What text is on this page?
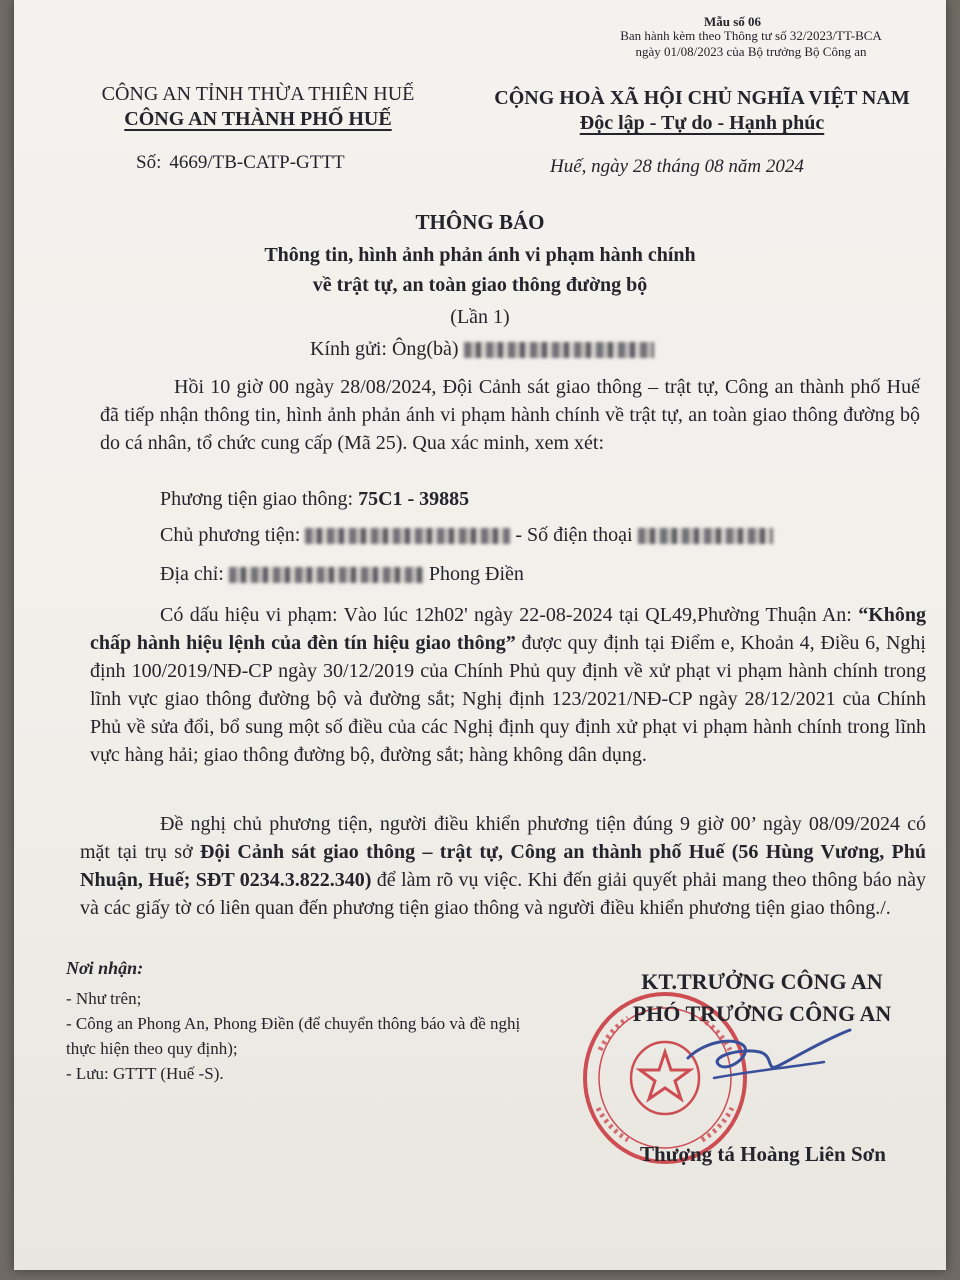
Mẫu số 06

Ban hành kèm theo Thông tư số 32/2023/TT-BCA
ngày 01/08/2023 của Bộ trưởng Bộ Công an
CÔNG AN TỈNH THỪA THIÊN HUẾ
CÔNG AN THÀNH PHỐ HUẾ
CỘNG HOÀ XÃ HỘI CHỦ NGHĨA VIỆT NAM
Độc lập - Tự do - Hạnh phúc

Số: 4669/TB-CATP-GTTT	Huế, ngày 28 tháng 08 năm 2024

THÔNG BÁO

Thông tin, hình ảnh phản ánh vi phạm hành chính
về trật tự, an toàn giao thông đường bộ

(Lần 1)

Kính gửi: Ông(bà)

Hồi 10 giờ 00 ngày 28/08/2024, Đội Cảnh sát giao thông – trật tự, Công an thành phố Huế đã tiếp nhận thông tin, hình ảnh phản ánh vi phạm hành chính về trật tự, an toàn giao thông đường bộ do cá nhân, tổ chức cung cấp (Mã 25). Qua xác minh, xem xét:

Phương tiện giao thông: 75C1 - 39885

Chủ phương tiện:	- Số điện thoại

Địa chỉ:	Phong Điền

Có dấu hiệu vi phạm: Vào lúc 12h02' ngày 22-08-2024 tại QL49,Phường Thuận An: “Không chấp hành hiệu lệnh của đèn tín hiệu giao thông” được quy định tại Điểm e, Khoản 4, Điều 6, Nghị định 100/2019/NĐ-CP ngày 30/12/2019 của Chính Phủ quy định về xử phạt vi phạm hành chính trong lĩnh vực giao thông đường bộ và đường sắt; Nghị định 123/2021/NĐ-CP ngày 28/12/2021 của Chính Phủ về sửa đổi, bổ sung một số điều của các Nghị định quy định xử phạt vi phạm hành chính trong lĩnh vực hàng hải; giao thông đường bộ, đường sắt; hàng không dân dụng.

Đề nghị chủ phương tiện, người điều khiển phương tiện đúng 9 giờ 00’ ngày 08/09/2024 có mặt tại trụ sở Đội Cảnh sát giao thông – trật tự, Công an thành phố Huế (56 Hùng Vương, Phú Nhuận, Huế; SĐT 0234.3.822.340) để làm rõ vụ việc. Khi đến giải quyết phải mang theo thông báo này và các giấy tờ có liên quan đến phương tiện giao thông và người điều khiển phương tiện giao thông./.

Nơi nhận:

- Như trên;
- Công an Phong An, Phong Điền (để chuyển thông báo và đề nghị thực hiện theo quy định);
- Lưu: GTTT (Huế -S).
KT.TRƯỞNG CÔNG AN
PHÓ TRƯỞNG CÔNG AN

Thượng tá Hoàng Liên Sơn
